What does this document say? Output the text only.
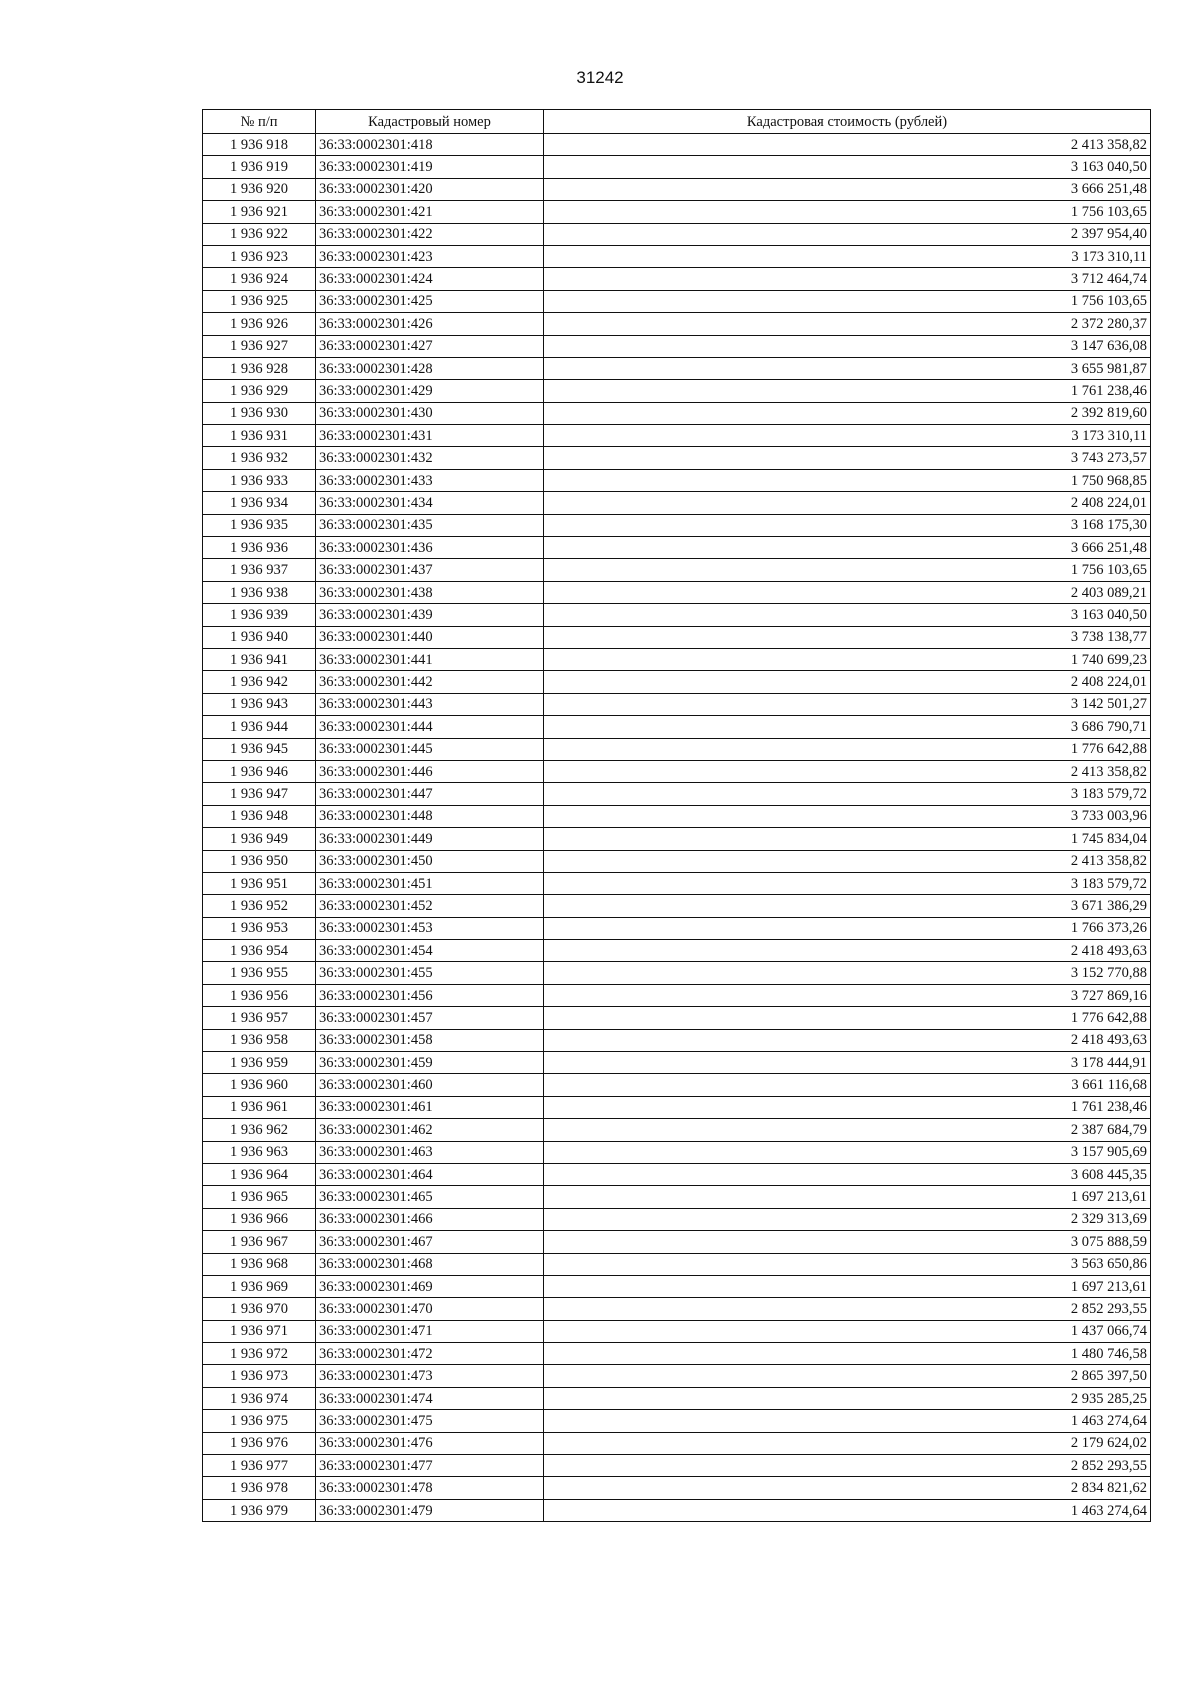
31242
№ п/п	Кадастровый номер	Кадастровая стоимость (рублей)
1 936 918	36:33:0002301:418	2 413 358,82
1 936 919	36:33:0002301:419	3 163 040,50
1 936 920	36:33:0002301:420	3 666 251,48
1 936 921	36:33:0002301:421	1 756 103,65
1 936 922	36:33:0002301:422	2 397 954,40
1 936 923	36:33:0002301:423	3 173 310,11
1 936 924	36:33:0002301:424	3 712 464,74
1 936 925	36:33:0002301:425	1 756 103,65
1 936 926	36:33:0002301:426	2 372 280,37
1 936 927	36:33:0002301:427	3 147 636,08
1 936 928	36:33:0002301:428	3 655 981,87
1 936 929	36:33:0002301:429	1 761 238,46
1 936 930	36:33:0002301:430	2 392 819,60
1 936 931	36:33:0002301:431	3 173 310,11
1 936 932	36:33:0002301:432	3 743 273,57
1 936 933	36:33:0002301:433	1 750 968,85
1 936 934	36:33:0002301:434	2 408 224,01
1 936 935	36:33:0002301:435	3 168 175,30
1 936 936	36:33:0002301:436	3 666 251,48
1 936 937	36:33:0002301:437	1 756 103,65
1 936 938	36:33:0002301:438	2 403 089,21
1 936 939	36:33:0002301:439	3 163 040,50
1 936 940	36:33:0002301:440	3 738 138,77
1 936 941	36:33:0002301:441	1 740 699,23
1 936 942	36:33:0002301:442	2 408 224,01
1 936 943	36:33:0002301:443	3 142 501,27
1 936 944	36:33:0002301:444	3 686 790,71
1 936 945	36:33:0002301:445	1 776 642,88
1 936 946	36:33:0002301:446	2 413 358,82
1 936 947	36:33:0002301:447	3 183 579,72
1 936 948	36:33:0002301:448	3 733 003,96
1 936 949	36:33:0002301:449	1 745 834,04
1 936 950	36:33:0002301:450	2 413 358,82
1 936 951	36:33:0002301:451	3 183 579,72
1 936 952	36:33:0002301:452	3 671 386,29
1 936 953	36:33:0002301:453	1 766 373,26
1 936 954	36:33:0002301:454	2 418 493,63
1 936 955	36:33:0002301:455	3 152 770,88
1 936 956	36:33:0002301:456	3 727 869,16
1 936 957	36:33:0002301:457	1 776 642,88
1 936 958	36:33:0002301:458	2 418 493,63
1 936 959	36:33:0002301:459	3 178 444,91
1 936 960	36:33:0002301:460	3 661 116,68
1 936 961	36:33:0002301:461	1 761 238,46
1 936 962	36:33:0002301:462	2 387 684,79
1 936 963	36:33:0002301:463	3 157 905,69
1 936 964	36:33:0002301:464	3 608 445,35
1 936 965	36:33:0002301:465	1 697 213,61
1 936 966	36:33:0002301:466	2 329 313,69
1 936 967	36:33:0002301:467	3 075 888,59
1 936 968	36:33:0002301:468	3 563 650,86
1 936 969	36:33:0002301:469	1 697 213,61
1 936 970	36:33:0002301:470	2 852 293,55
1 936 971	36:33:0002301:471	1 437 066,74
1 936 972	36:33:0002301:472	1 480 746,58
1 936 973	36:33:0002301:473	2 865 397,50
1 936 974	36:33:0002301:474	2 935 285,25
1 936 975	36:33:0002301:475	1 463 274,64
1 936 976	36:33:0002301:476	2 179 624,02
1 936 977	36:33:0002301:477	2 852 293,55
1 936 978	36:33:0002301:478	2 834 821,62
1 936 979	36:33:0002301:479	1 463 274,64
